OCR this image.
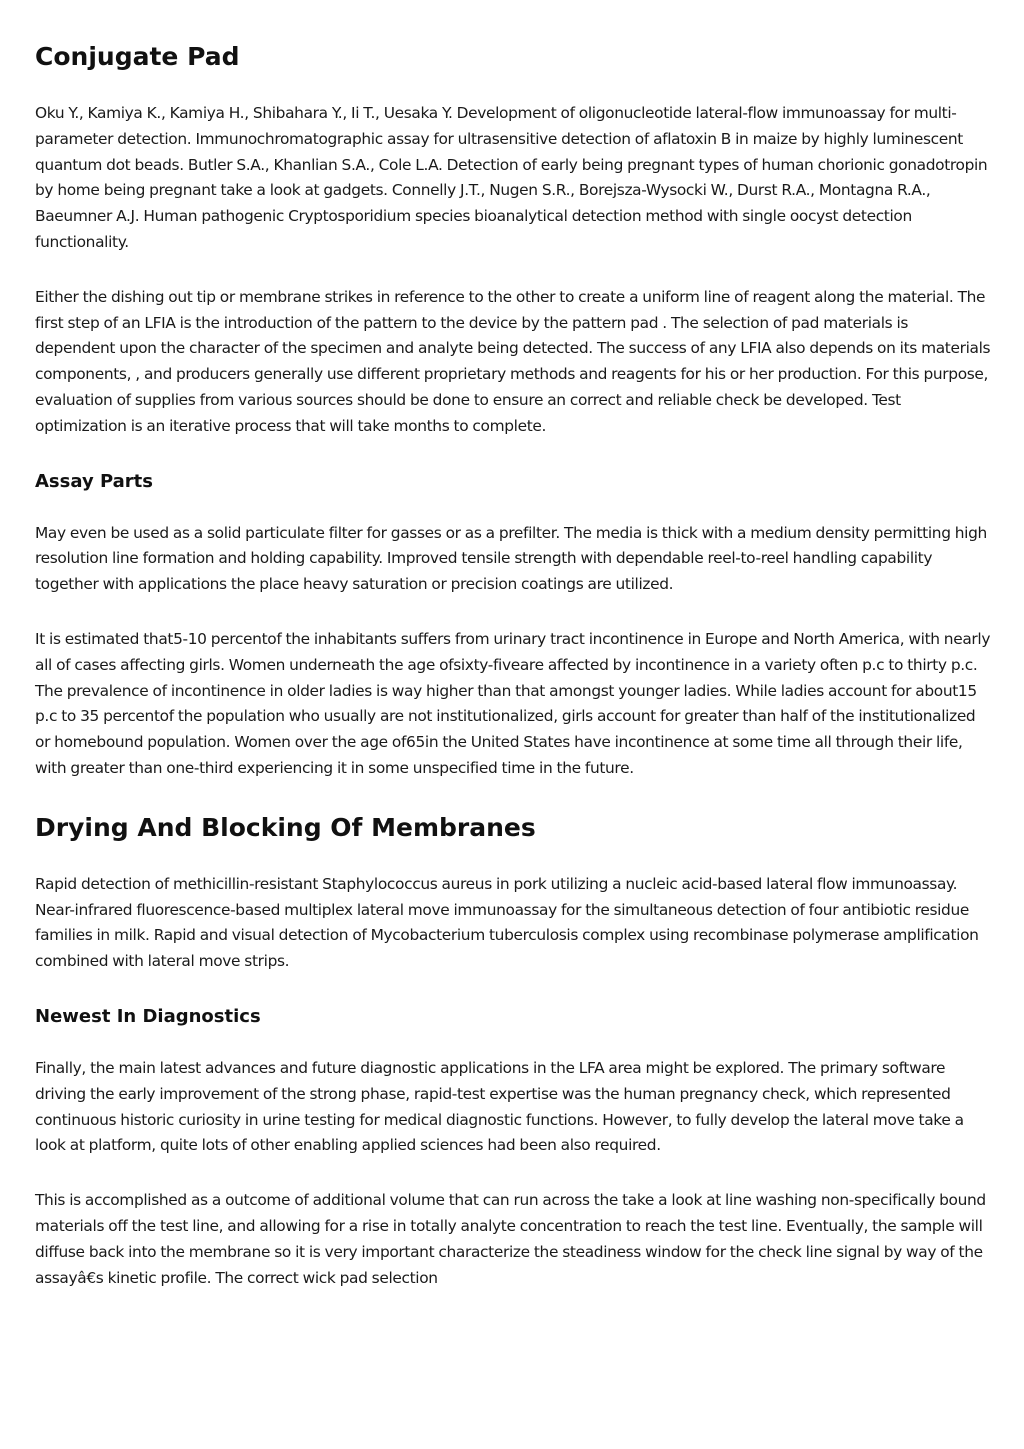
Conjugate Pad

Oku Y., Kamiya K., Kamiya H., Shibahara Y., Ii T., Uesaka Y. Development of oligonucleotide lateral-flow immunoassay for multi-parameter detection. Immunochromatographic assay for ultrasensitive detection of aflatoxin B in maize by highly luminescent quantum dot beads. Butler S.A., Khanlian S.A., Cole L.A. Detection of early being pregnant types of human chorionic gonadotropin by home being pregnant take a look at gadgets. Connelly J.T., Nugen S.R., Borejsza-Wysocki W., Durst R.A., Montagna R.A., Baeumner A.J. Human pathogenic Cryptosporidium species bioanalytical detection method with single oocyst detection functionality.

Either the dishing out tip or membrane strikes in reference to the other to create a uniform line of reagent along the material. The first step of an LFIA is the introduction of the pattern to the device by the pattern pad . The selection of pad materials is dependent upon the character of the specimen and analyte being detected. The success of any LFIA also depends on its materials components, , and producers generally use different proprietary methods and reagents for his or her production. For this purpose, evaluation of supplies from various sources should be done to ensure an correct and reliable check be developed. Test optimization is an iterative process that will take months to complete.

Assay Parts

May even be used as a solid particulate filter for gasses or as a prefilter. The media is thick with a medium density permitting high resolution line formation and holding capability. Improved tensile strength with dependable reel-to-reel handling capability together with applications the place heavy saturation or precision coatings are utilized.

It is estimated that5-10 percentof the inhabitants suffers from urinary tract incontinence in Europe and North America, with nearly all of cases affecting girls. Women underneath the age ofsixty-fiveare affected by incontinence in a variety often p.c to thirty p.c. The prevalence of incontinence in older ladies is way higher than that amongst younger ladies. While ladies account for about15 p.c to 35 percentof the population who usually are not institutionalized, girls account for greater than half of the institutionalized or homebound population. Women over the age of65in the United States have incontinence at some time all through their life, with greater than one-third experiencing it in some unspecified time in the future.

Drying And Blocking Of Membranes

Rapid detection of methicillin-resistant Staphylococcus aureus in pork utilizing a nucleic acid-based lateral flow immunoassay. Near-infrared fluorescence-based multiplex lateral move immunoassay for the simultaneous detection of four antibiotic residue families in milk. Rapid and visual detection of Mycobacterium tuberculosis complex using recombinase polymerase amplification combined with lateral move strips.

Newest In Diagnostics

Finally, the main latest advances and future diagnostic applications in the LFA area might be explored. The primary software driving the early improvement of the strong phase, rapid-test expertise was the human pregnancy check, which represented continuous historic curiosity in urine testing for medical diagnostic functions. However, to fully develop the lateral move take a look at platform, quite lots of other enabling applied sciences had been also required.

This is accomplished as a outcome of additional volume that can run across the take a look at line washing non-specifically bound materials off the test line, and allowing for a rise in totally analyte concentration to reach the test line. Eventually, the sample will diffuse back into the membrane so it is very important characterize the steadiness window for the check line signal by way of the assayâ€s kinetic profile. The correct wick pad selection
